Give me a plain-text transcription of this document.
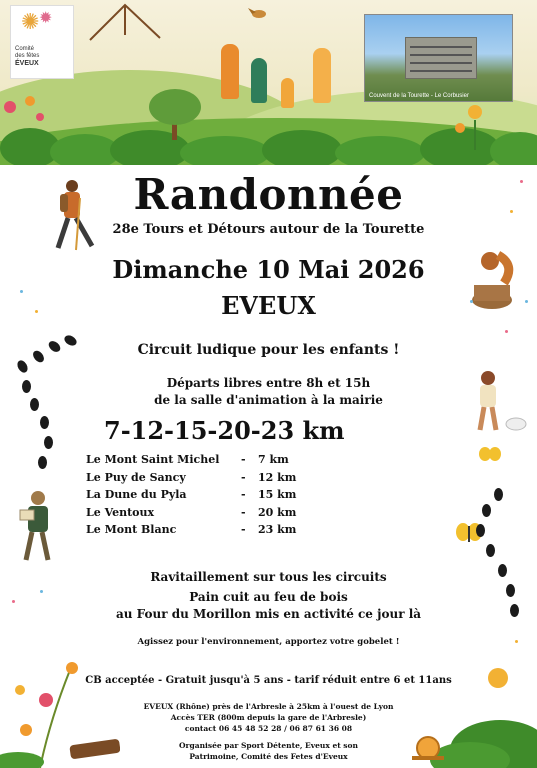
✺ ✹
Comité
des fêtes
ÉVEUX
Couvent de la Tourette - Le Corbusier
Randonnée
28e Tours et Détours autour de la Tourette
Dimanche 10 Mai 2026
EVEUX
Circuit ludique pour les enfants !
Départs libres entre 8h et 15h
de la salle d'animation à la mairie
7-12-15-20-23 km
Le Mont Saint Michel - 7 km
Le Puy de Sancy	- 12 km
La Dune du Pyla	- 15 km
Le Ventoux	- 20 km
Le Mont Blanc	- 23 km
Ravitaillement sur tous les circuits
Pain cuit au feu de bois
au Four du Morillon mis en activité ce jour là
Agissez pour l'environnement, apportez votre gobelet !
CB acceptée - Gratuit jusqu'à 5 ans - tarif réduit entre 6 et 11ans
EVEUX (Rhône) près de l'Arbresle à 25km à l'ouest de Lyon
Accès TER (800m depuis la gare de l'Arbresle)
contact 06 45 48 52 28 / 06 87 61 36 08
Organisée par Sport Détente, Eveux et son
Patrimoine, Comité des Fetes d'Eveux
